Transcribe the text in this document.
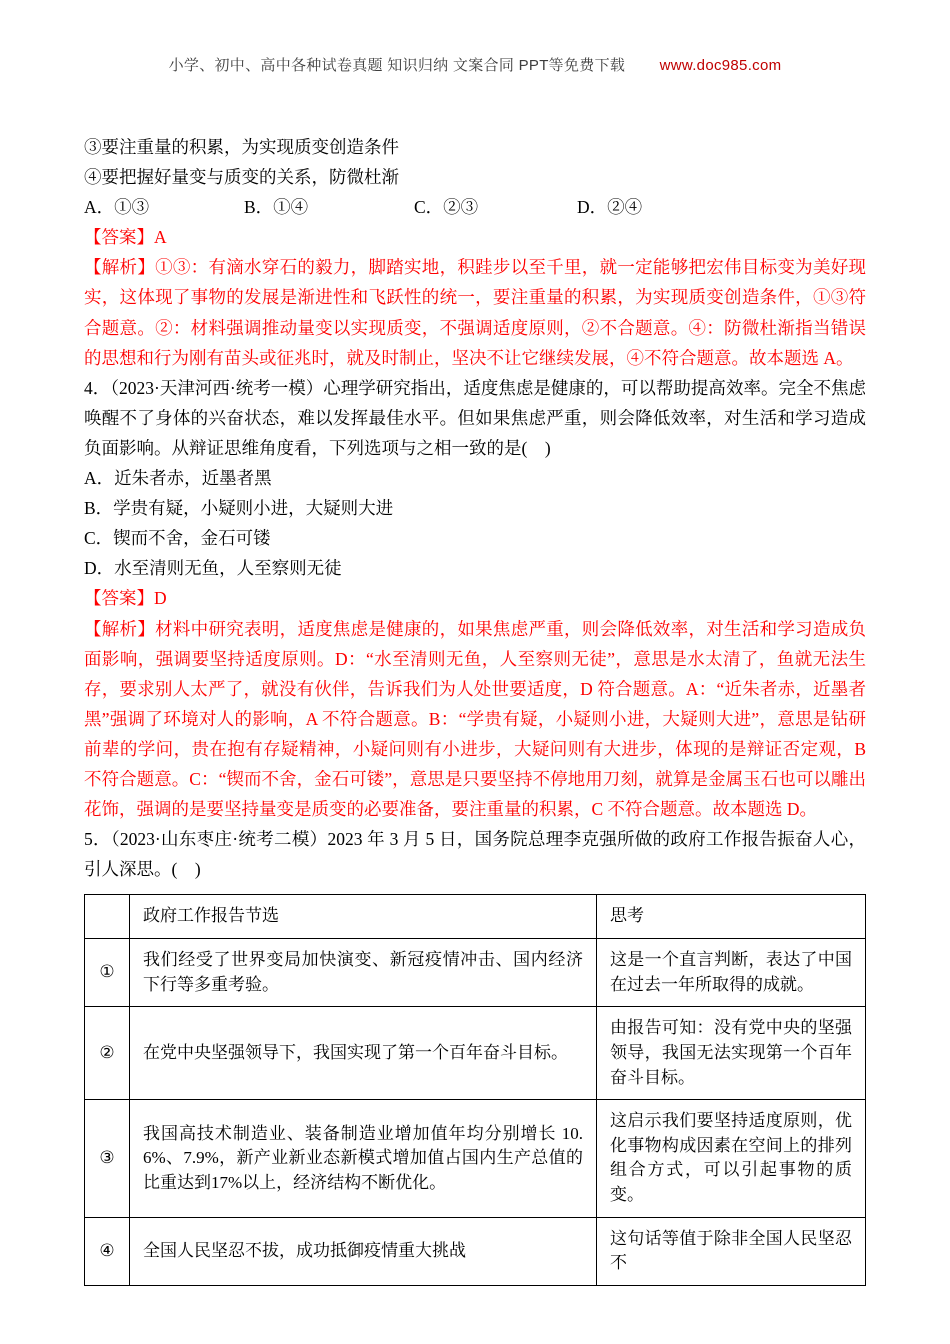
小学、初中、高中各种试卷真题 知识归纳 文案合同 PPT等免费下载 www.doc985.com

③要注重量的积累，为实现质变创造条件

④要把握好量变与质变的关系，防微杜渐

A．①③	B．①④	C．②③	D．②④

【答案】A

【解析】①③：有滴水穿石的毅力，脚踏实地，积跬步以至千里，就一定能够把宏伟目标变为美好现实，这体现了事物的发展是渐进性和飞跃性的统一，要注重量的积累，为实现质变创造条件，①③符合题意。②：材料强调推动量变以实现质变，不强调适度原则，②不合题意。④：防微杜渐指当错误的思想和行为刚有苗头或征兆时，就及时制止，坚决不让它继续发展，④不符合题意。故本题选 A。

4．（2023·天津河西·统考一模）心理学研究指出，适度焦虑是健康的，可以帮助提高效率。完全不焦虑唤醒不了身体的兴奋状态，难以发挥最佳水平。但如果焦虑严重，则会降低效率，对生活和学习造成负面影响。从辩证思维角度看，下列选项与之相一致的是(　)

A．近朱者赤，近墨者黑

B．学贵有疑，小疑则小进，大疑则大进

C．锲而不舍，金石可镂

D．水至清则无鱼，人至察则无徒

【答案】D

【解析】材料中研究表明，适度焦虑是健康的，如果焦虑严重，则会降低效率，对生活和学习造成负面影响，强调要坚持适度原则。D：“水至清则无鱼，人至察则无徒”，意思是水太清了，鱼就无法生存，要求别人太严了，就没有伙伴，告诉我们为人处世要适度，D 符合题意。A：“近朱者赤，近墨者黑”强调了环境对人的影响，A 不符合题意。B：“学贵有疑，小疑则小进，大疑则大进”，意思是钻研前辈的学问，贵在抱有存疑精神，小疑问则有小进步，大疑问则有大进步，体现的是辩证否定观，B 不符合题意。C：“锲而不舍，金石可镂”，意思是只要坚持不停地用刀刻，就算是金属玉石也可以雕出花饰，强调的是要坚持量变是质变的必要准备，要注重量的积累，C 不符合题意。故本题选 D。

5．（2023·山东枣庄·统考二模）2023 年 3 月 5 日，国务院总理李克强所做的政府工作报告振奋人心，引人深思。(　)

	政府工作报告节选	思考
①	我们经受了世界变局加快演变、新冠疫情冲击、国内经济下行等多重考验。	这是一个直言判断，表达了中国在过去一年所取得的成就。
②	在党中央坚强领导下，我国实现了第一个百年奋斗目标。	由报告可知：没有党中央的坚强领导，我国无法实现第一个百年奋斗目标。
③	我国高技术制造业、装备制造业增加值年均分别增长 10.6%、7.9%，新产业新业态新模式增加值占国内生产总值的比重达到17%以上，经济结构不断优化。	这启示我们要坚持适度原则，优化事物构成因素在空间上的排列组合方式，可以引起事物的质变。
④	全国人民坚忍不拔，成功抵御疫情重大挑战	这句话等值于除非全国人民坚忍不
